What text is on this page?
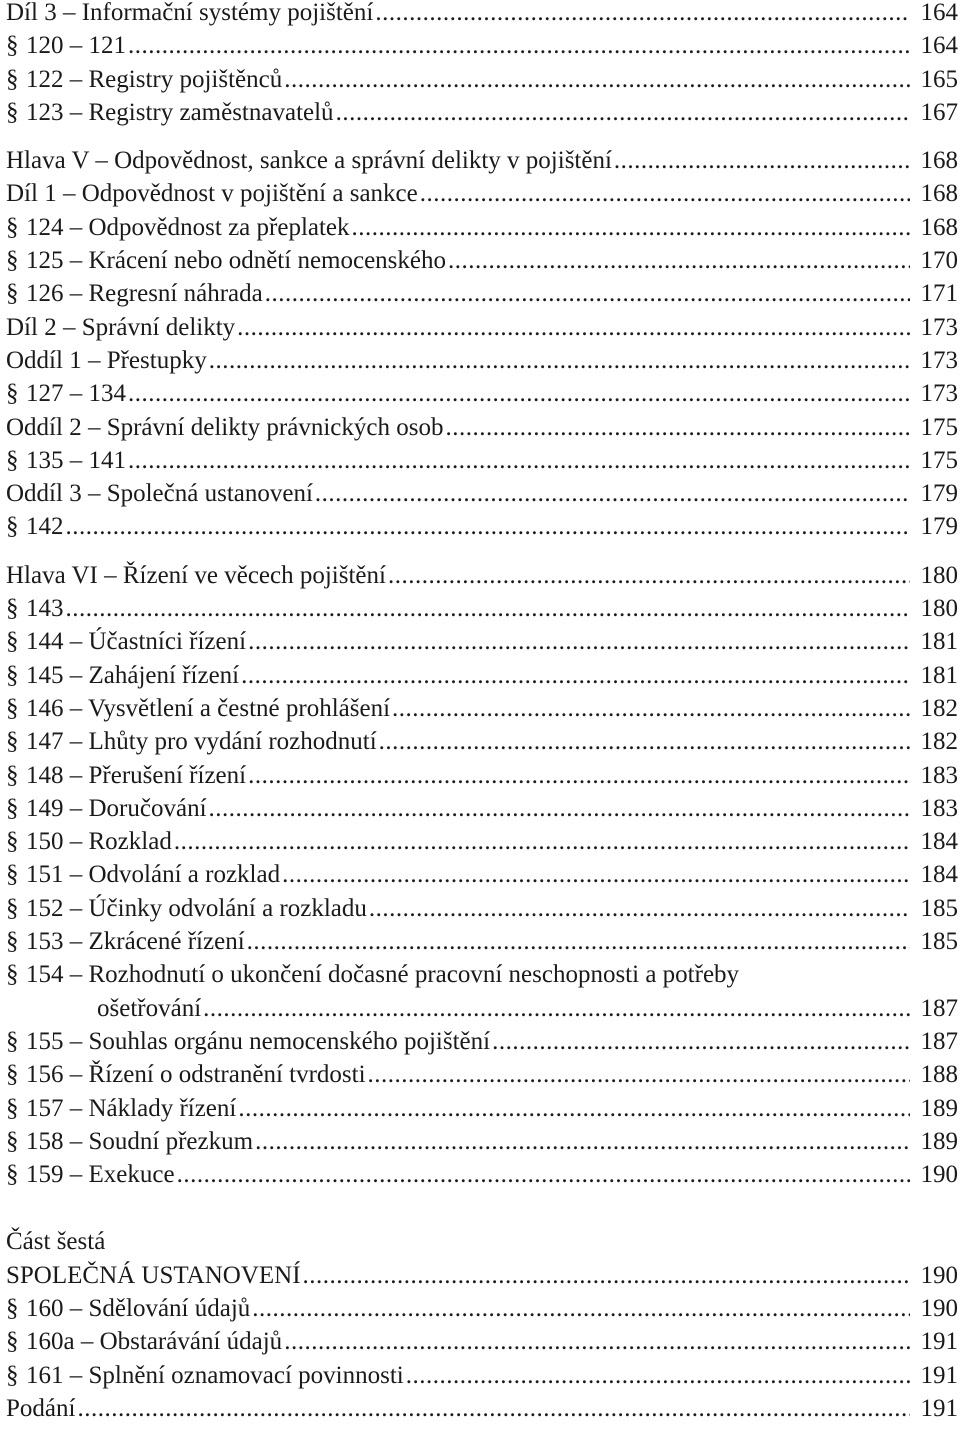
Díl 3 – Informační systémy pojištění .....	164
§ 120 – 121 .....	164
§ 122 – Registry pojištěnců .....	165
§ 123 – Registry zaměstnavatelů .....	167
Hlava V – Odpovědnost, sankce a správní delikty v pojištění .....	168
Díl 1 – Odpovědnost v pojištění a sankce .....	168
§ 124 – Odpovědnost za přeplatek .....	168
§ 125 – Krácení nebo odnětí nemocenského .....	170
§ 126 – Regresní náhrada .....	171
Díl 2 – Správní delikty .....	173
Oddíl 1 – Přestupky .....	173
§ 127 – 134 .....	173
Oddíl 2 – Správní delikty právnických osob .....	175
§ 135 – 141 .....	175
Oddíl 3 – Společná ustanovení .....	179
§ 142 .....	179
Hlava VI – Řízení ve věcech pojištění .....	180
§ 143 .....	180
§ 144 – Účastníci řízení .....	181
§ 145 – Zahájení řízení .....	181
§ 146 – Vysvětlení a čestné prohlášení .....	182
§ 147 – Lhůty pro vydání rozhodnutí .....	182
§ 148 – Přerušení řízení .....	183
§ 149 – Doručování .....	183
§ 150 – Rozklad .....	184
§ 151 – Odvolání a rozklad .....	184
§ 152 – Účinky odvolání a rozkladu .....	185
§ 153 – Zkrácené řízení .....	185
§ 154 – Rozhodnutí o ukončení dočasné pracovní neschopnosti a potřeby
ošetřování .....	187
§ 155 – Souhlas orgánu nemocenského pojištění .....	187
§ 156 – Řízení o odstranění tvrdosti .....	188
§ 157 – Náklady řízení .....	189
§ 158 – Soudní přezkum .....	189
§ 159 – Exekuce .....	190
Část šestá
SPOLEČNÁ USTANOVENÍ .....	190
§ 160 – Sdělování údajů .....	190
§ 160a – Obstarávání údajů .....	191
§ 161 – Splnění oznamovací povinnosti .....	191
Podání .....	191
